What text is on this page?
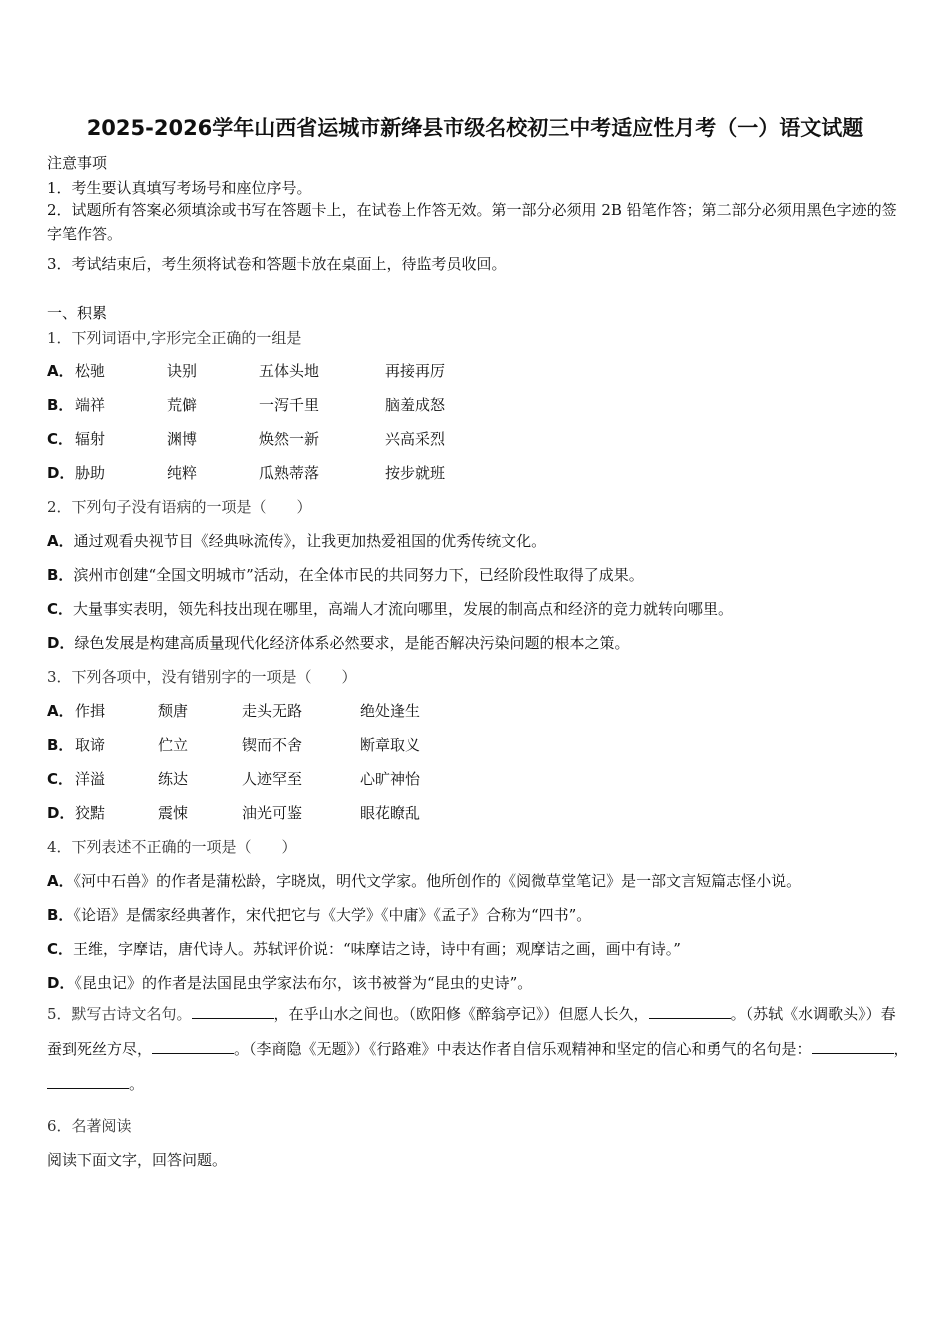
2025-2026学年山西省运城市新绛县市级名校初三中考适应性月考（一）语文试题
注意事项
1．考生要认真填写考场号和座位序号。
2．试题所有答案必须填涂或书写在答题卡上，在试卷上作答无效。第一部分必须用 2B 铅笔作答；第二部分必须用黑色字迹的签字笔作答。
3．考试结束后，考生须将试卷和答题卡放在桌面上，待监考员收回。
一、积累
1．下列词语中,字形完全正确的一组是
A． 松驰	诀别	五体头地	再接再厉
B． 端祥	荒僻	一泻千里	脑羞成怒
C． 辐射	渊博	焕然一新	兴高采烈
D． 胁助	纯粹	瓜熟蒂落	按步就班
2．下列句子没有语病的一项是（　　）
A．通过观看央视节目《经典咏流传》，让我更加热爱祖国的优秀传统文化。
B．滨州市创建“全国文明城市”活动，在全体市民的共同努力下，已经阶段性取得了成果。
C．大量事实表明，领先科技出现在哪里，高端人才流向哪里，发展的制高点和经济的竞力就转向哪里。
D．绿色发展是构建高质量现代化经济体系必然要求，是能否解决污染问题的根本之策。
3．下列各项中，没有错别字的一项是（　　）
A． 作揖	颓唐	走头无路	绝处逢生
B． 取谛	伫立	锲而不舍	断章取义
C． 洋溢	练达	人迹罕至	心旷神怡
D． 狡黠	震悚	油光可鉴	眼花瞭乱
4．下列表述不正确的一项是（　　）
A．《河中石兽》的作者是蒲松龄，字晓岚，明代文学家。他所创作的《阅微草堂笔记》是一部文言短篇志怪小说。
B．《论语》是儒家经典著作，宋代把它与《大学》《中庸》《孟子》合称为“四书”。
C．王维，字摩诘，唐代诗人。苏轼评价说：“味摩诘之诗，诗中有画；观摩诘之画，画中有诗。”
D．《昆虫记》的作者是法国昆虫学家法布尔，该书被誉为“昆虫的史诗”。
5．默写古诗文名句。	，在乎山水之间也。（欧阳修《醉翁亭记》）但愿人长久，	。（苏轼《水调歌头》）春蚕到死丝方尽，	。（李商隐《无题》）《行路难》中表达作者自信乐观精神和坚定的信心和勇气的名句是：	，。
6．名著阅读
阅读下面文字，回答问题。
